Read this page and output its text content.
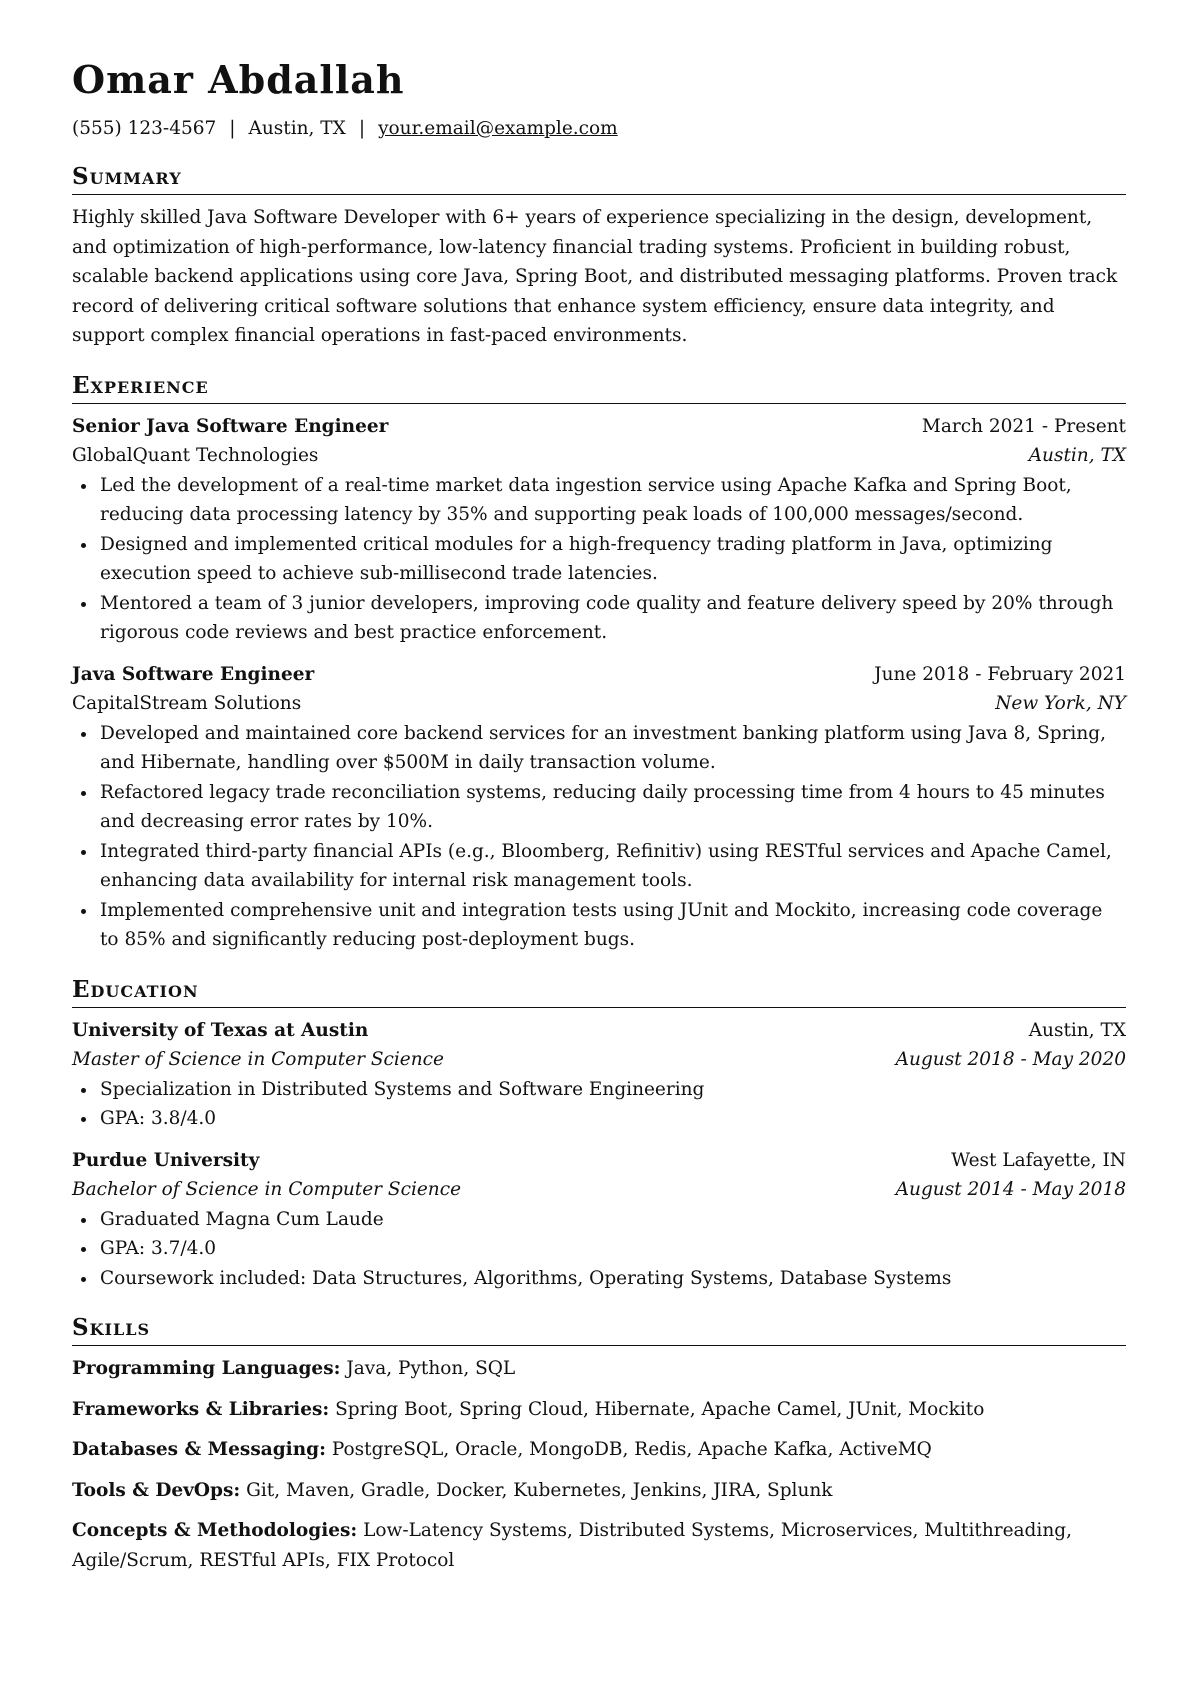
Omar Abdallah
(555) 123-4567 | Austin, TX | your.email@example.com
Summary

Highly skilled Java Software Developer with 6+ years of experience specializing in the design, development, and optimization of high-performance, low-latency financial trading systems. Proficient in building robust, scalable backend applications using core Java, Spring Boot, and distributed messaging platforms. Proven track record of delivering critical software solutions that enhance system efficiency, ensure data integrity, and support complex financial operations in fast-paced environments.

Experience
Senior Java Software Engineer	March 2021 - Present
GlobalQuant Technologies	Austin, TX
Led the development of a real-time market data ingestion service using Apache Kafka and Spring Boot, reducing data processing latency by 35% and supporting peak loads of 100,000 messages/second.
Designed and implemented critical modules for a high-frequency trading platform in Java, optimizing execution speed to achieve sub-millisecond trade latencies.
Mentored a team of 3 junior developers, improving code quality and feature delivery speed by 20% through rigorous code reviews and best practice enforcement.
Java Software Engineer	June 2018 - February 2021
CapitalStream Solutions	New York, NY
Developed and maintained core backend services for an investment banking platform using Java 8, Spring, and Hibernate, handling over $500M in daily transaction volume.
Refactored legacy trade reconciliation systems, reducing daily processing time from 4 hours to 45 minutes and decreasing error rates by 10%.
Integrated third-party financial APIs (e.g., Bloomberg, Refinitiv) using RESTful services and Apache Camel, enhancing data availability for internal risk management tools.
Implemented comprehensive unit and integration tests using JUnit and Mockito, increasing code coverage to 85% and significantly reducing post-deployment bugs.
Education
University of Texas at Austin	Austin, TX
Master of Science in Computer Science	August 2018 - May 2020
Specialization in Distributed Systems and Software Engineering
GPA: 3.8/4.0
Purdue University	West Lafayette, IN
Bachelor of Science in Computer Science	August 2014 - May 2018
Graduated Magna Cum Laude
GPA: 3.7/4.0
Coursework included: Data Structures, Algorithms, Operating Systems, Database Systems
Skills
Programming Languages: Java, Python, SQL
Frameworks & Libraries: Spring Boot, Spring Cloud, Hibernate, Apache Camel, JUnit, Mockito
Databases & Messaging: PostgreSQL, Oracle, MongoDB, Redis, Apache Kafka, ActiveMQ
Tools & DevOps: Git, Maven, Gradle, Docker, Kubernetes, Jenkins, JIRA, Splunk
Concepts & Methodologies: Low-Latency Systems, Distributed Systems, Microservices, Multithreading, Agile/Scrum, RESTful APIs, FIX Protocol
